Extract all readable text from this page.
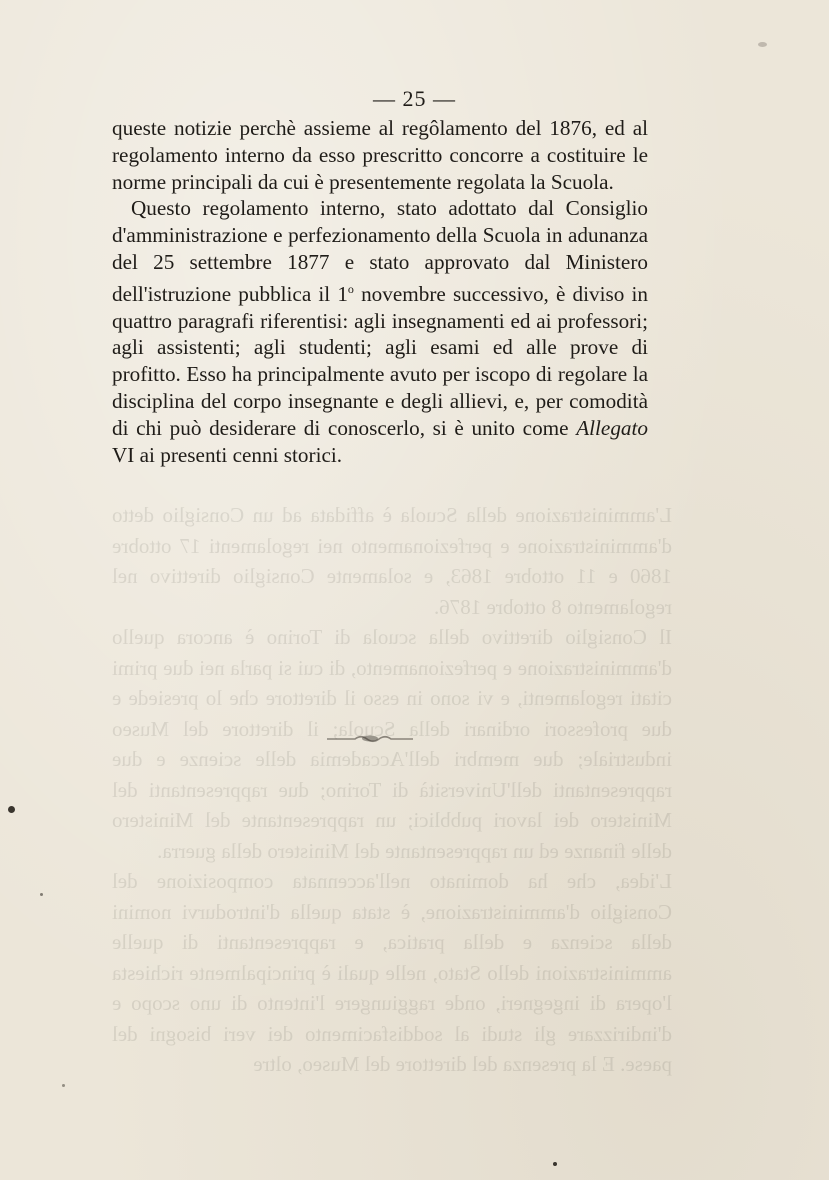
L'amministrazione della Scuola è affidata ad un Consiglio detto d'amministrazione e perfezionamento nei regolamenti 17 ottobre 1860 e 11 ottobre 1863, e solamente Consiglio direttivo nel regolamento 8 ottobre 1876.

Il Consiglio direttivo della scuola di Torino è ancora quello d'amministrazione e perfezionamento, di cui si parla nei due primi citati regolamenti, e vi sono in esso il direttore che lo presiede e due professori ordinari della Scuola; il direttore del Museo industriale; due membri dell'Accademia delle scienze e due rappresentanti dell'Università di Torino; due rappresentanti del Ministero dei lavori pubblici; un rappresentante del Ministero delle finanze ed un rappresentante del Ministero della guerra.

L'idea, che ha dominato nell'accennata composizione del Consiglio d'amministrazione, è stata quella d'introdurvi nomini della scienza e della pratica, e rappresentanti di quelle amministrazioni dello Stato, nelle quali è principalmente richiesta l'opera di ingegneri, onde raggiungere l'intento di uno scopo e d'indirizzare gli studi al soddisfacimento dei veri bisogni del paese. E la presenza del direttore del Museo, oltre

— 25 —

queste notizie perchè assieme al regôlamento del 1876, ed al regolamento interno da esso prescritto concorre a costituire le norme principali da cui è presentemente regolata la Scuola.

Questo regolamento interno, stato adottato dal Consiglio d'amministrazione e perfezionamento della Scuola in adunanza del 25 settembre 1877 e stato approvato dal Ministero dell'istruzione pubblica il 1$^o$ novembre successivo, è diviso in quattro paragrafi riferentisi: agli insegnamenti ed ai professori; agli assistenti; agli studenti; agli esami ed alle prove di profitto. Esso ha principalmente avuto per iscopo di regolare la disciplina del corpo insegnante e degli allievi, e, per comodità di chi può desiderare di conoscerlo, si è unito come Allegato VI ai presenti cenni storici.
